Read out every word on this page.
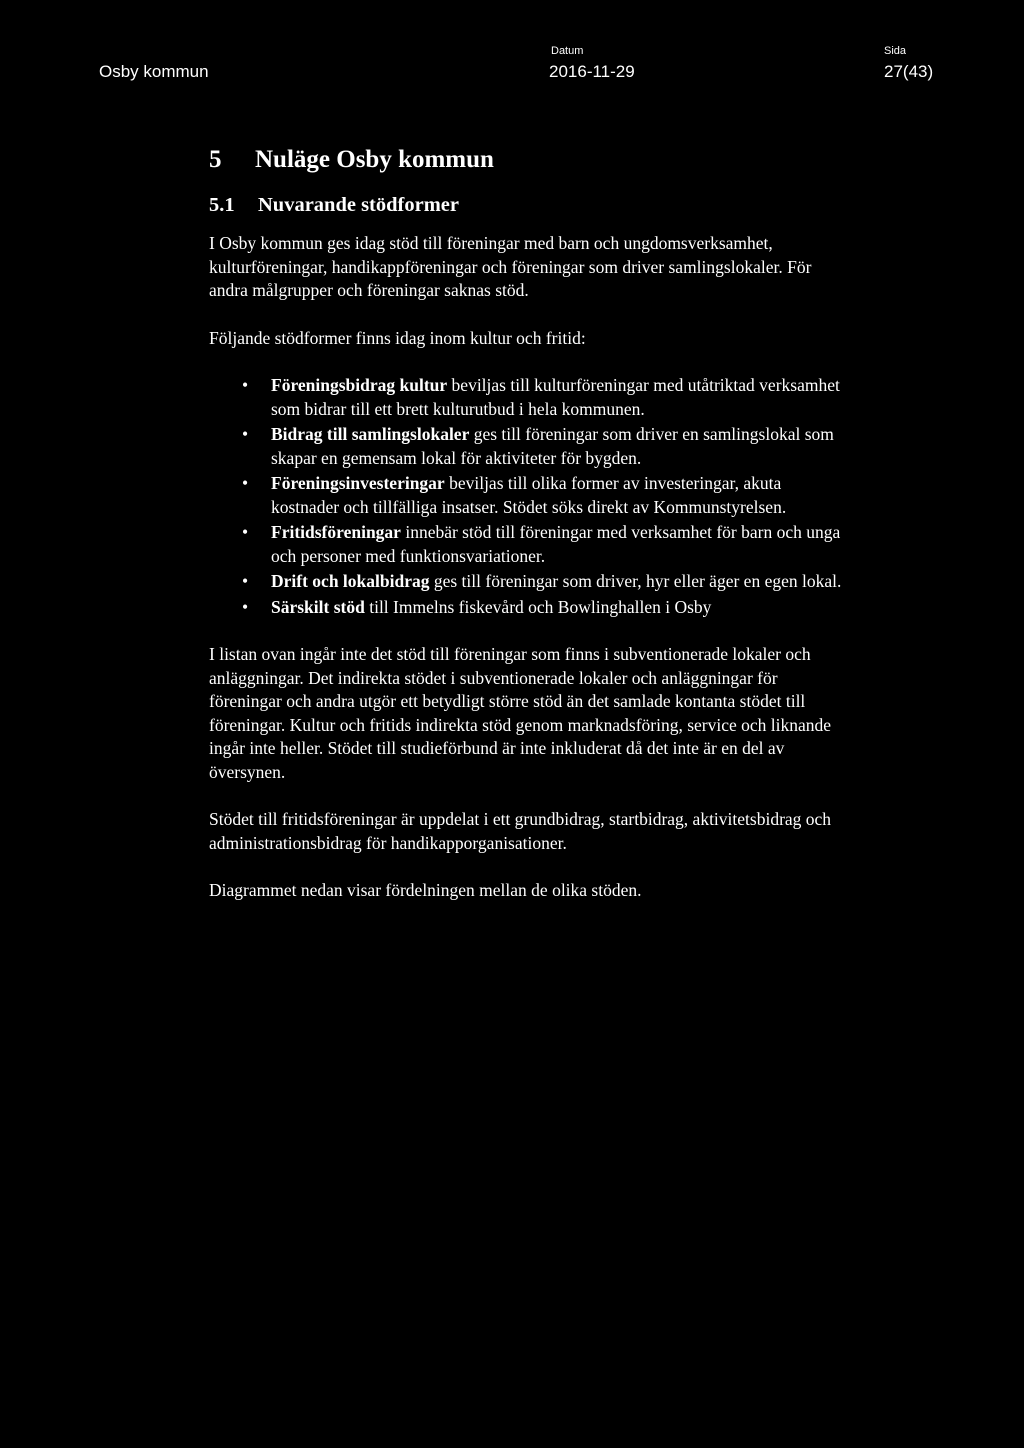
Osby kommun
Datum
2016-11-29
Sida
27(43)
5 Nuläge Osby kommun
5.1 Nuvarande stödformer

I Osby kommun ges idag stöd till föreningar med barn och ungdomsverksamhet, kulturföreningar, handikappföreningar och föreningar som driver samlingslokaler. För andra målgrupper och föreningar saknas stöd.

Följande stödformer finns idag inom kultur och fritid:

• Föreningsbidrag kultur beviljas till kulturföreningar med utåtriktad verksamhet som bidrar till ett brett kulturutbud i hela kommunen.
• Bidrag till samlingslokaler ges till föreningar som driver en samlingslokal som skapar en gemensam lokal för aktiviteter för bygden.
• Föreningsinvesteringar beviljas till olika former av investeringar, akuta kostnader och tillfälliga insatser. Stödet söks direkt av Kommunstyrelsen.
• Fritidsföreningar innebär stöd till föreningar med verksamhet för barn och unga och personer med funktionsvariationer.
• Drift och lokalbidrag ges till föreningar som driver, hyr eller äger en egen lokal.
• Särskilt stöd till Immelns fiskevård och Bowlinghallen i Osby

I listan ovan ingår inte det stöd till föreningar som finns i subventionerade lokaler och anläggningar. Det indirekta stödet i subventionerade lokaler och anläggningar för föreningar och andra utgör ett betydligt större stöd än det samlade kontanta stödet till föreningar. Kultur och fritids indirekta stöd genom marknadsföring, service och liknande ingår inte heller. Stödet till studieförbund är inte inkluderat då det inte är en del av översynen.

Stödet till fritidsföreningar är uppdelat i ett grundbidrag, startbidrag, aktivitetsbidrag och administrationsbidrag för handikapporganisationer.

Diagrammet nedan visar fördelningen mellan de olika stöden.
